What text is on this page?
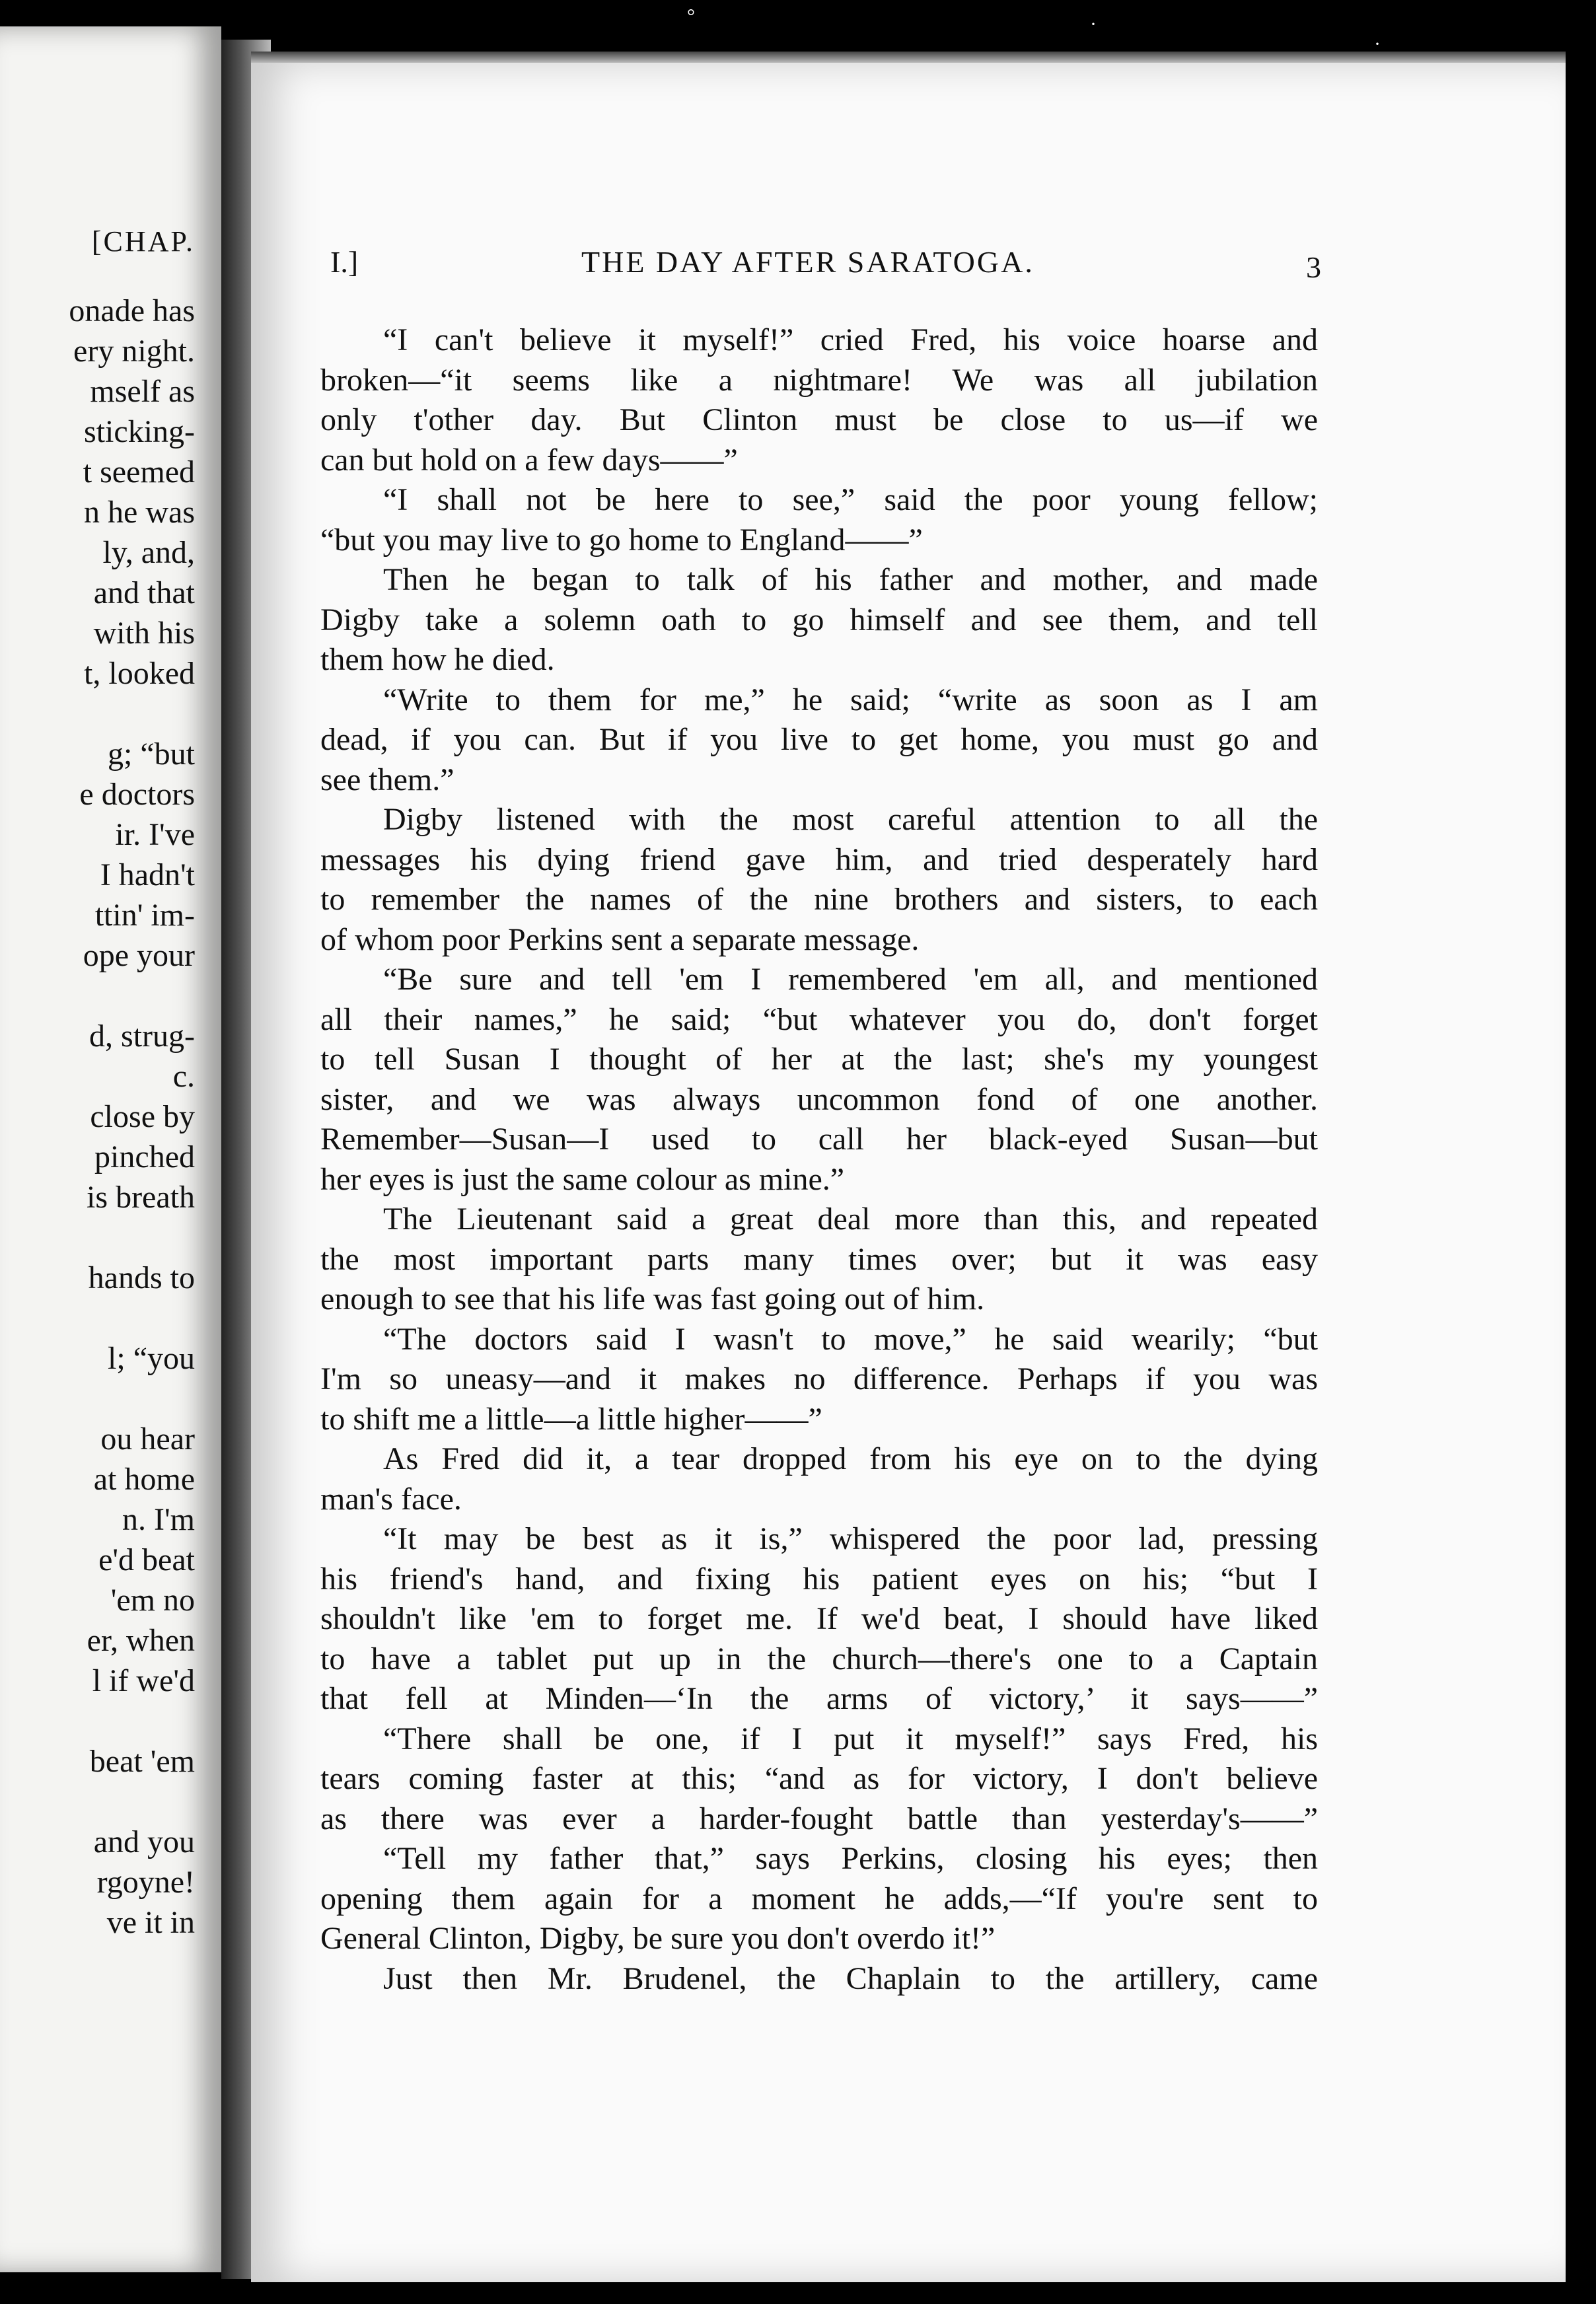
[CHAP.
onade has
ery night.
mself as
sticking-
t seemed
n he was
ly, and,
and that
with his
t, looked
g; “but
e doctors
ir. I've
I hadn't
ttin' im-
ope your
d, strug-
c.
close by
pinched
is breath
hands to
l; “you
ou hear
at home
n. I'm
e'd beat
'em no
er, when
l if we'd
beat 'em
and you
rgoyne!
ve it in
I.]	THE DAY AFTER SARATOGA.	3
“I can't believe it myself!” cried Fred, his voice hoarse and
broken—“it seems like a nightmare! We was all jubilation
only t'other day. But Clinton must be close to us—if we
can but hold on a few days——”
“I shall not be here to see,” said the poor young fellow;
“but you may live to go home to England——”
Then he began to talk of his father and mother, and made
Digby take a solemn oath to go himself and see them, and tell
them how he died.
“Write to them for me,” he said; “write as soon as I am
dead, if you can. But if you live to get home, you must go and
see them.”
Digby listened with the most careful attention to all the
messages his dying friend gave him, and tried desperately hard
to remember the names of the nine brothers and sisters, to each
of whom poor Perkins sent a separate message.
“Be sure and tell 'em I remembered 'em all, and mentioned
all their names,” he said; “but whatever you do, don't forget
to tell Susan I thought of her at the last; she's my youngest
sister, and we was always uncommon fond of one another.
Remember—Susan—I used to call her black-eyed Susan—but
her eyes is just the same colour as mine.”
The Lieutenant said a great deal more than this, and repeated
the most important parts many times over; but it was easy
enough to see that his life was fast going out of him.
“The doctors said I wasn't to move,” he said wearily; “but
I'm so uneasy—and it makes no difference. Perhaps if you was
to shift me a little—a little higher——”
As Fred did it, a tear dropped from his eye on to the dying
man's face.
“It may be best as it is,” whispered the poor lad, pressing
his friend's hand, and fixing his patient eyes on his; “but I
shouldn't like 'em to forget me. If we'd beat, I should have liked
to have a tablet put up in the church—there's one to a Captain
that fell at Minden—‘In the arms of victory,’ it says——”
“There shall be one, if I put it myself!” says Fred, his
tears coming faster at this; “and as for victory, I don't believe
as there was ever a harder-fought battle than yesterday's——”
“Tell my father that,” says Perkins, closing his eyes; then
opening them again for a moment he adds,—“If you're sent to
General Clinton, Digby, be sure you don't overdo it!”
Just then Mr. Brudenel, the Chaplain to the artillery, came
°	·
·
